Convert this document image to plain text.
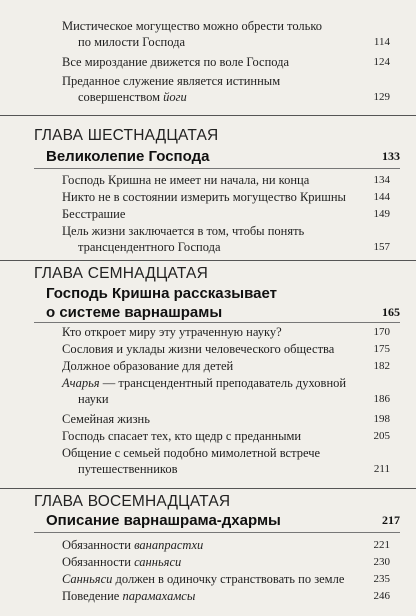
Мистическое могущество можно обрести только
по милости Господа	114
Все мироздание движется по воле Господа	124
Преданное служение является истинным
совершенством йоги	129
ГЛАВА ШЕСТНАДЦАТАЯ
Великолепие Господа	133
Господь Кришна не имеет ни начала, ни конца	134
Никто не в состоянии измерить могущество Кришны	144
Бесстрашие	149
Цель жизни заключается в том, чтобы понять
трансцендентного Господа	157
ГЛАВА СЕМНАДЦАТАЯ
Господь Кришна рассказывает
о системе варнашрамы	165
Кто откроет миру эту утраченную науку?	170
Сословия и уклады жизни человеческого общества	175
Должное образование для детей	182
Ачарья — трансцендентный преподаватель духовной
науки	186
Семейная жизнь	198
Господь спасает тех, кто щедр с преданными	205
Общение с семьей подобно мимолетной встрече
путешественников	211
ГЛАВА ВОСЕМНАДЦАТАЯ
Описание варнашрама-дхармы	217
Обязанности ванапрастхи	221
Обязанности санньяси	230
Санньяси должен в одиночку странствовать по земле	235
Поведение парамахамсы	246
